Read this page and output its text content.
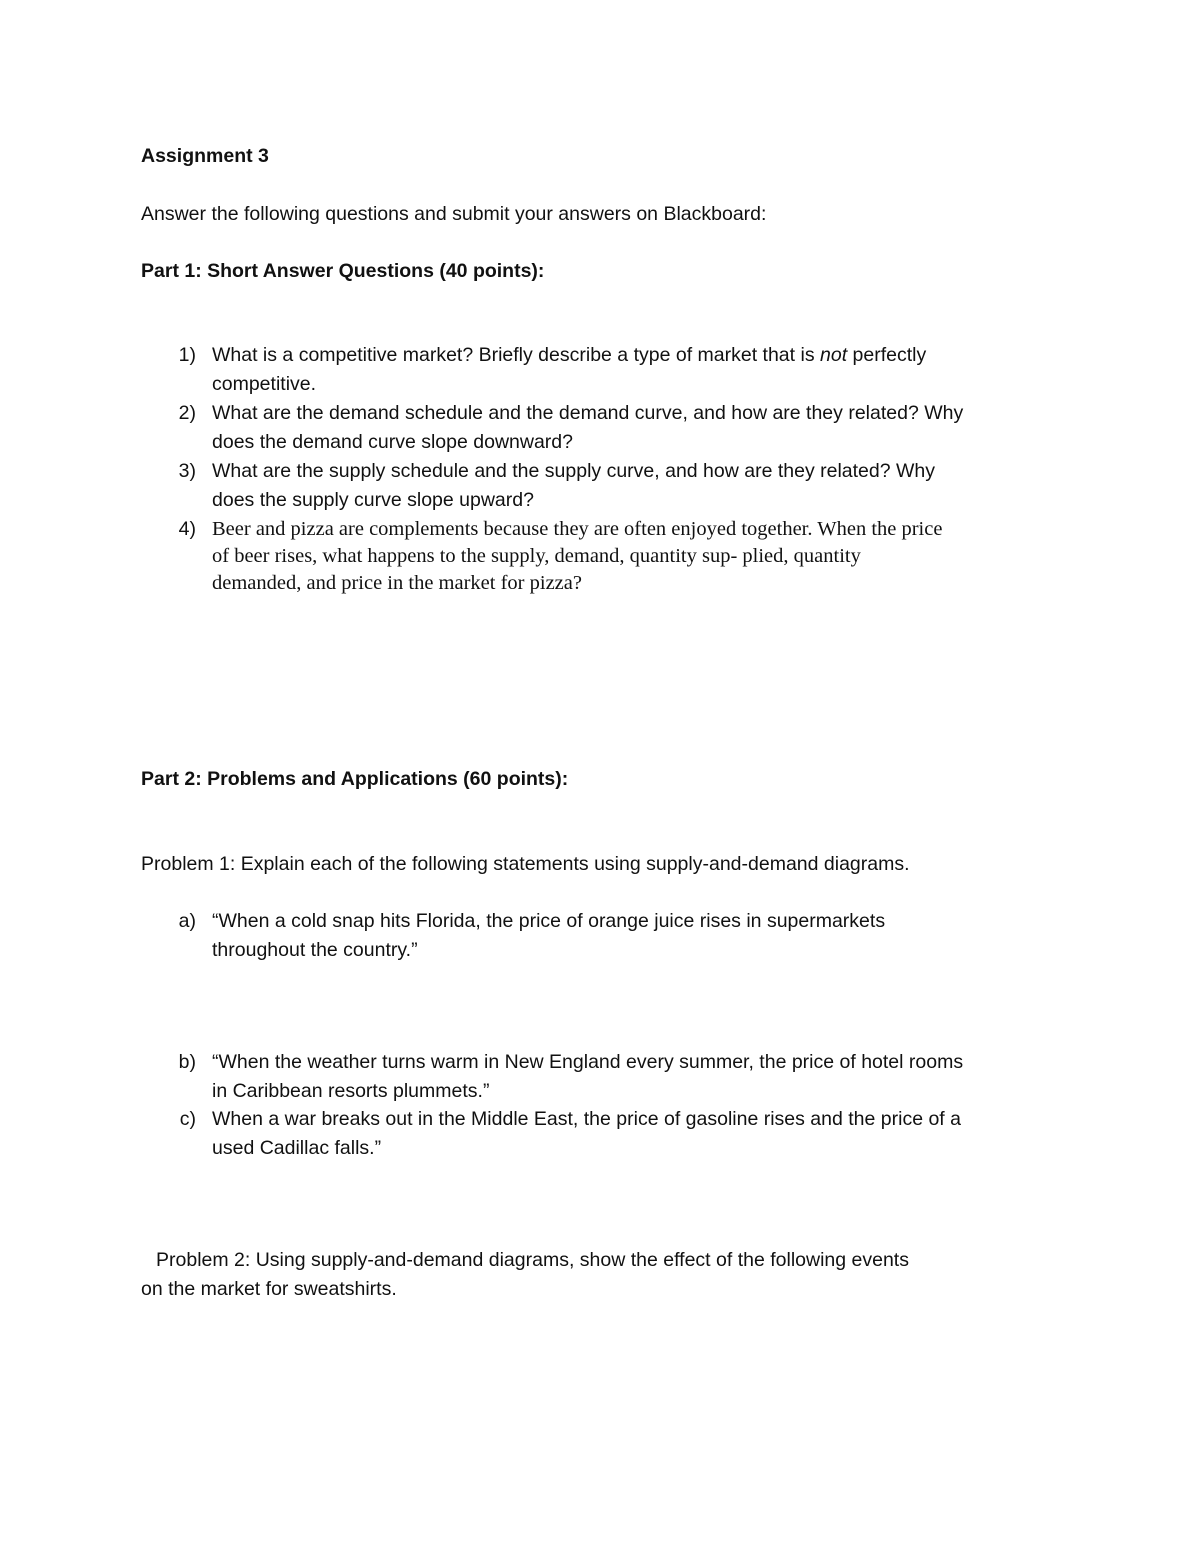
Assignment 3
Answer the following questions and submit your answers on Blackboard:
Part 1: Short Answer Questions (40 points):
1) What is a competitive market? Briefly describe a type of market that is not perfectly
competitive.
2) What are the demand schedule and the demand curve, and how are they related? Why
does the demand curve slope downward?
3) What are the supply schedule and the supply curve, and how are they related? Why
does the supply curve slope upward?
4) Beer and pizza are complements because they are often enjoyed together. When the price
of beer rises, what happens to the supply, demand, quantity sup- plied, quantity
demanded, and price in the market for pizza?
Part 2: Problems and Applications (60 points):
Problem 1: Explain each of the following statements using supply-and-demand diagrams.
a) “When a cold snap hits Florida, the price of orange juice rises in supermarkets
throughout the country.”
b) “When the weather turns warm in New England every summer, the price of hotel rooms
in Caribbean resorts plummets.”
c) When a war breaks out in the Middle East, the price of gasoline rises and the price of a
used Cadillac falls.”
Problem 2: Using supply-and-demand diagrams, show the effect of the following events
on the market for sweatshirts.
